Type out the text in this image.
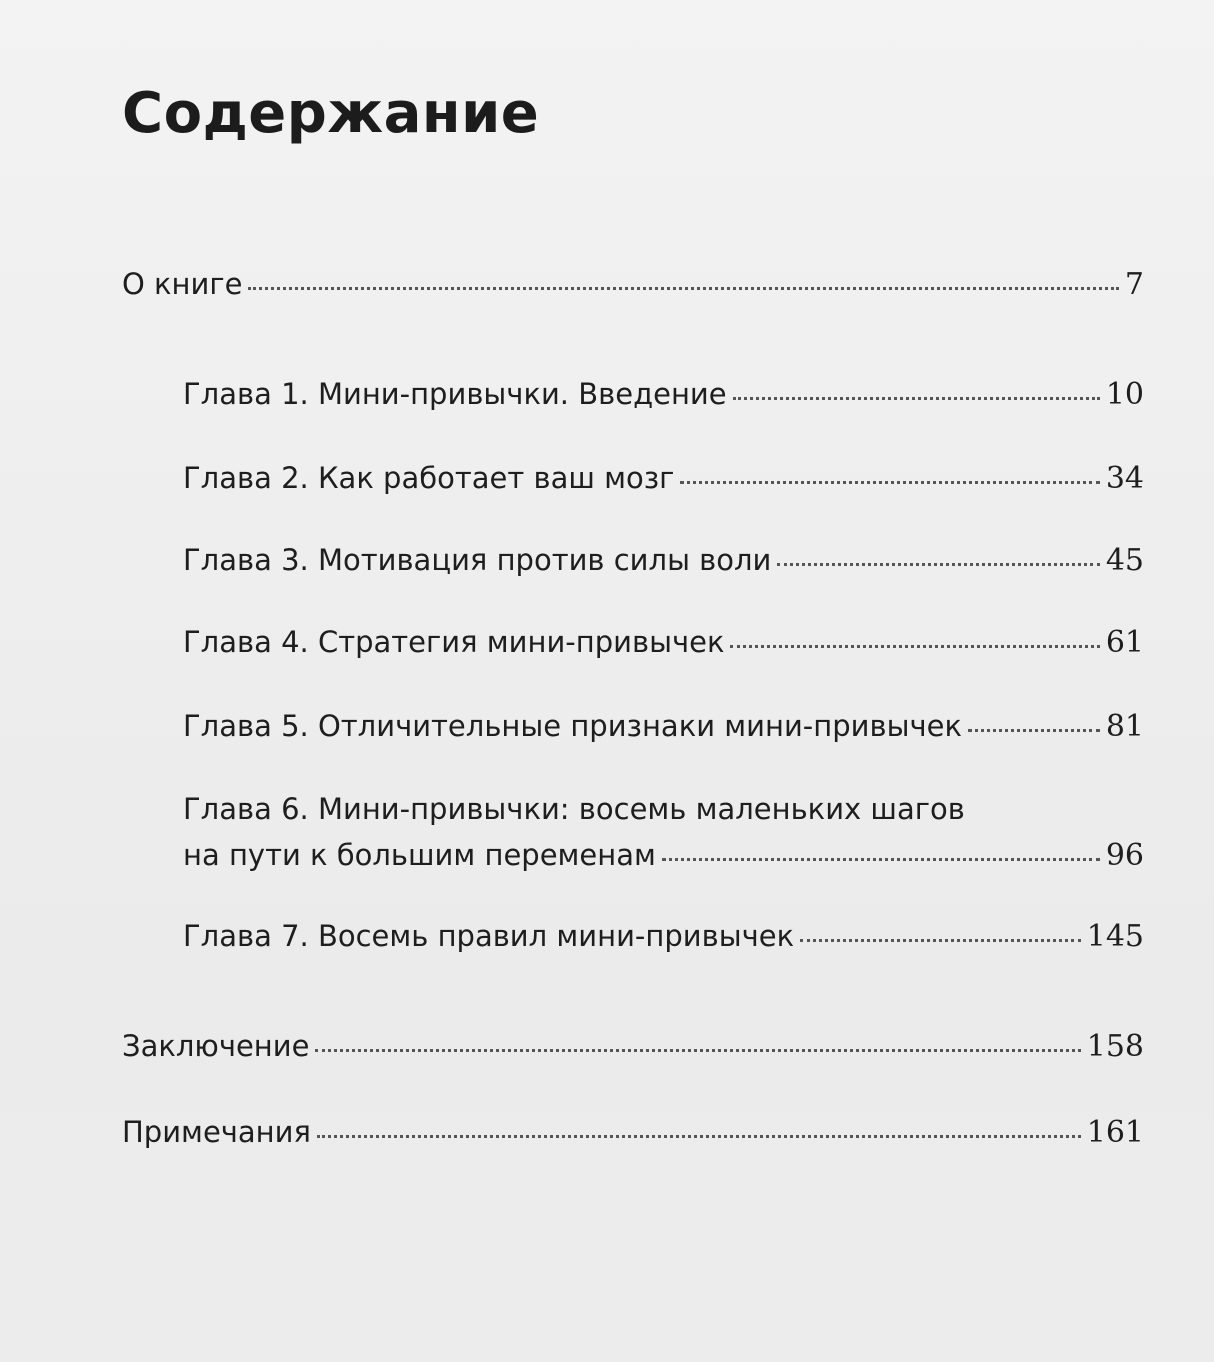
Содержание
О книге	7
Глава 1. Мини-привычки. Введение	10
Глава 2. Как работает ваш мозг	34
Глава 3. Мотивация против силы воли	45
Глава 4. Стратегия мини-привычек	61
Глава 5. Отличительные признаки мини-привычек	81
Глава 6. Мини-привычки: восемь маленьких шагов
на пути к большим переменам	96
Глава 7. Восемь правил мини-привычек	145
Заключение	158
Примечания	161
